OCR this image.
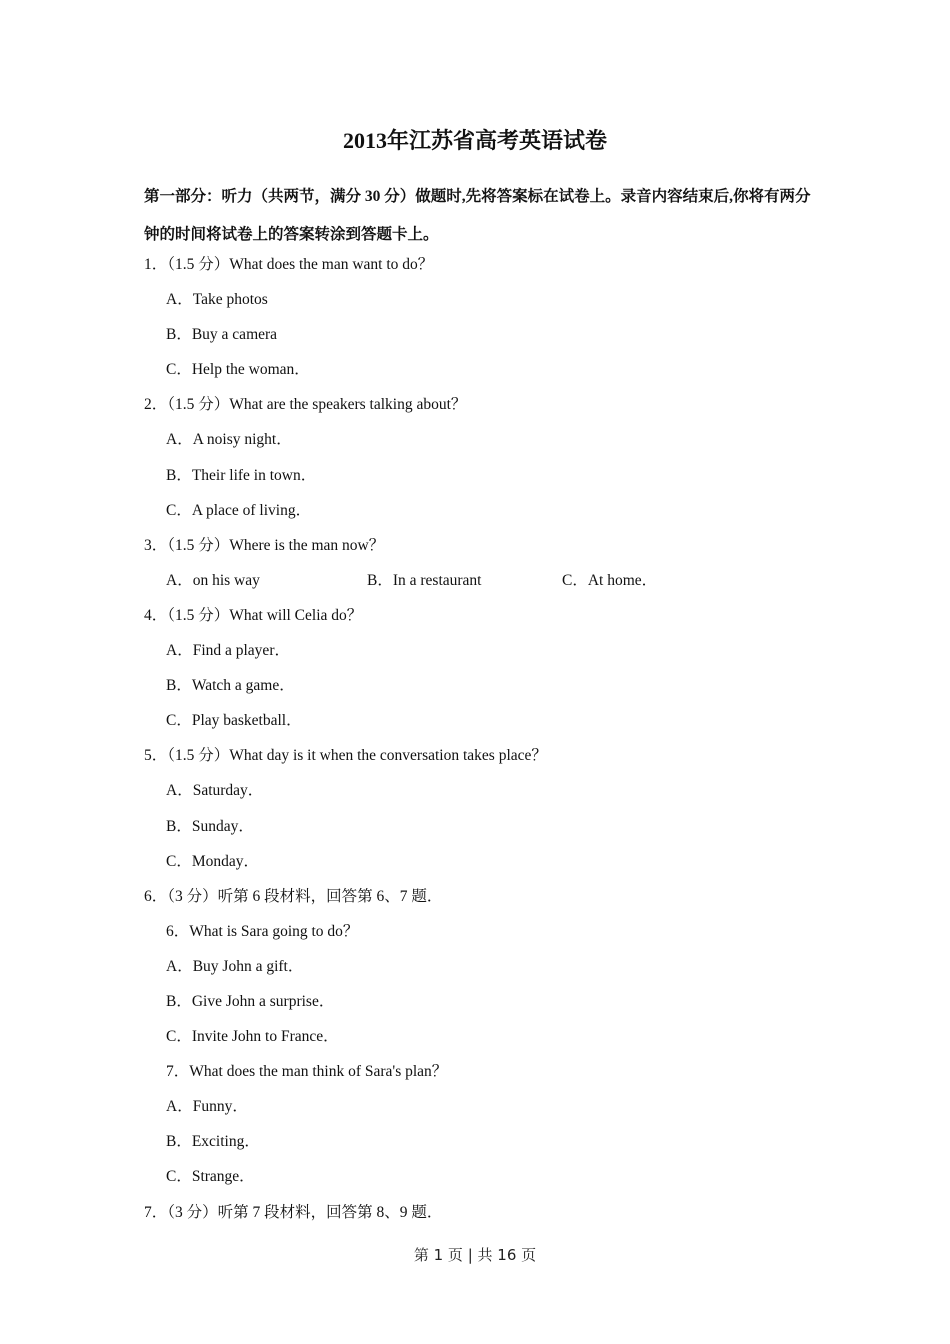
2013年江苏省高考英语试卷
第一部分：听力（共两节，满分 30 分）做题时,先将答案标在试卷上。录音内容结束后,你将有两分钟的时间将试卷上的答案转涂到答题卡上。
1．（1.5 分）What does the man want to do？
A．Take photos
B．Buy a camera
C．Help the woman．
2．（1.5 分）What are the speakers talking about？
A．A noisy night．
B．Their life in town．
C．A place of living．
3．（1.5 分）Where is the man now？
A．on his way	B．In a restaurant	C．At home．
4．（1.5 分）What will Celia do？
A．Find a player．
B．Watch a game．
C．Play basketball．
5．（1.5 分）What day is it when the conversation takes place？
A．Saturday．
B．Sunday．
C．Monday．
6．（3 分）听第 6 段材料，回答第 6、7 题．
6．What is Sara going to do？
A．Buy John a gift．
B．Give John a surprise．
C．Invite John to France．
7．What does the man think of Sara's plan？
A．Funny．
B．Exciting．
C．Strange．
7．（3 分）听第 7 段材料，回答第 8、9 题．
第 1 页 | 共 16 页
